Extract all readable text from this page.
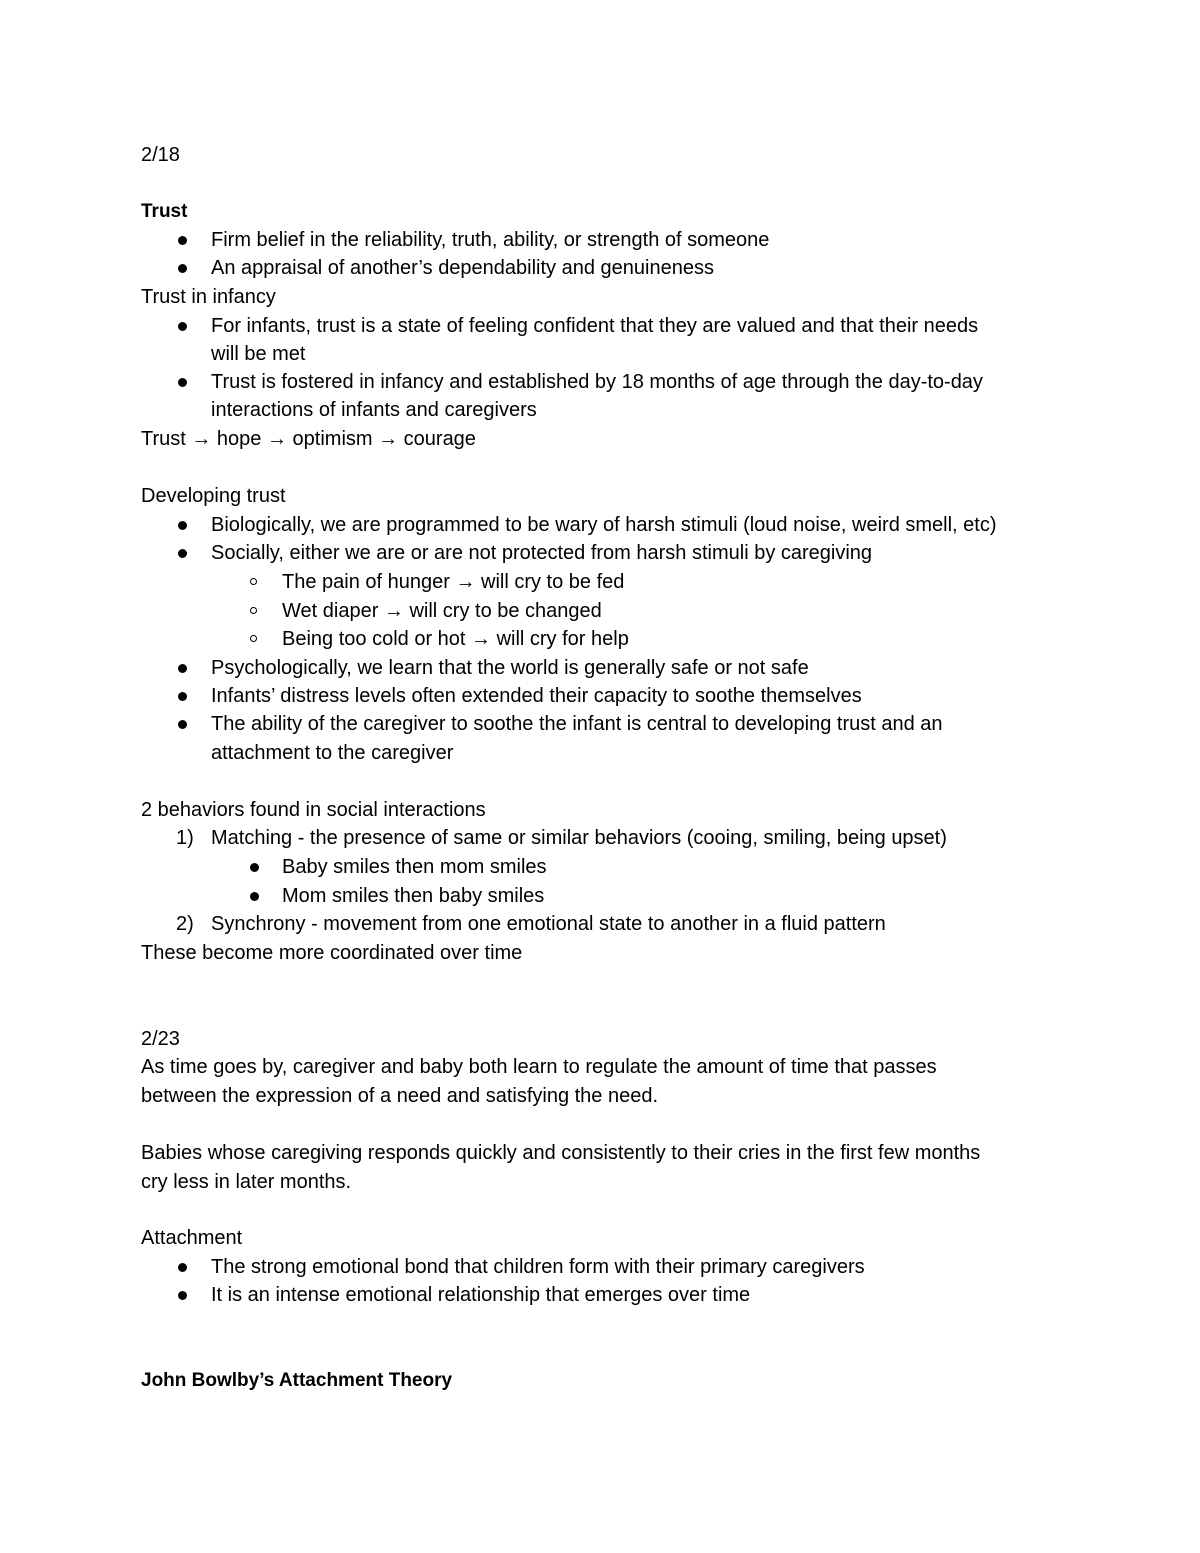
2/18
Trust
Firm belief in the reliability, truth, ability, or strength of someone
An appraisal of another’s dependability and genuineness
Trust in infancy
For infants, trust is a state of feeling confident that they are valued and that their needs
will be met
Trust is fostered in infancy and established by 18 months of age through the day-to-day
interactions of infants and caregivers
Trust → hope → optimism → courage
Developing trust
Biologically, we are programmed to be wary of harsh stimuli (loud noise, weird smell, etc)
Socially, either we are or are not protected from harsh stimuli by caregiving
The pain of hunger → will cry to be fed
Wet diaper → will cry to be changed
Being too cold or hot → will cry for help
Psychologically, we learn that the world is generally safe or not safe
Infants’ distress levels often extended their capacity to soothe themselves
The ability of the caregiver to soothe the infant is central to developing trust and an
attachment to the caregiver
2 behaviors found in social interactions
1) Matching - the presence of same or similar behaviors (cooing, smiling, being upset)
Baby smiles then mom smiles
Mom smiles then baby smiles
2) Synchrony - movement from one emotional state to another in a fluid pattern
These become more coordinated over time
2/23
As time goes by, caregiver and baby both learn to regulate the amount of time that passes
between the expression of a need and satisfying the need.
Babies whose caregiving responds quickly and consistently to their cries in the first few months
cry less in later months.
Attachment
The strong emotional bond that children form with their primary caregivers
It is an intense emotional relationship that emerges over time
John Bowlby’s Attachment Theory
